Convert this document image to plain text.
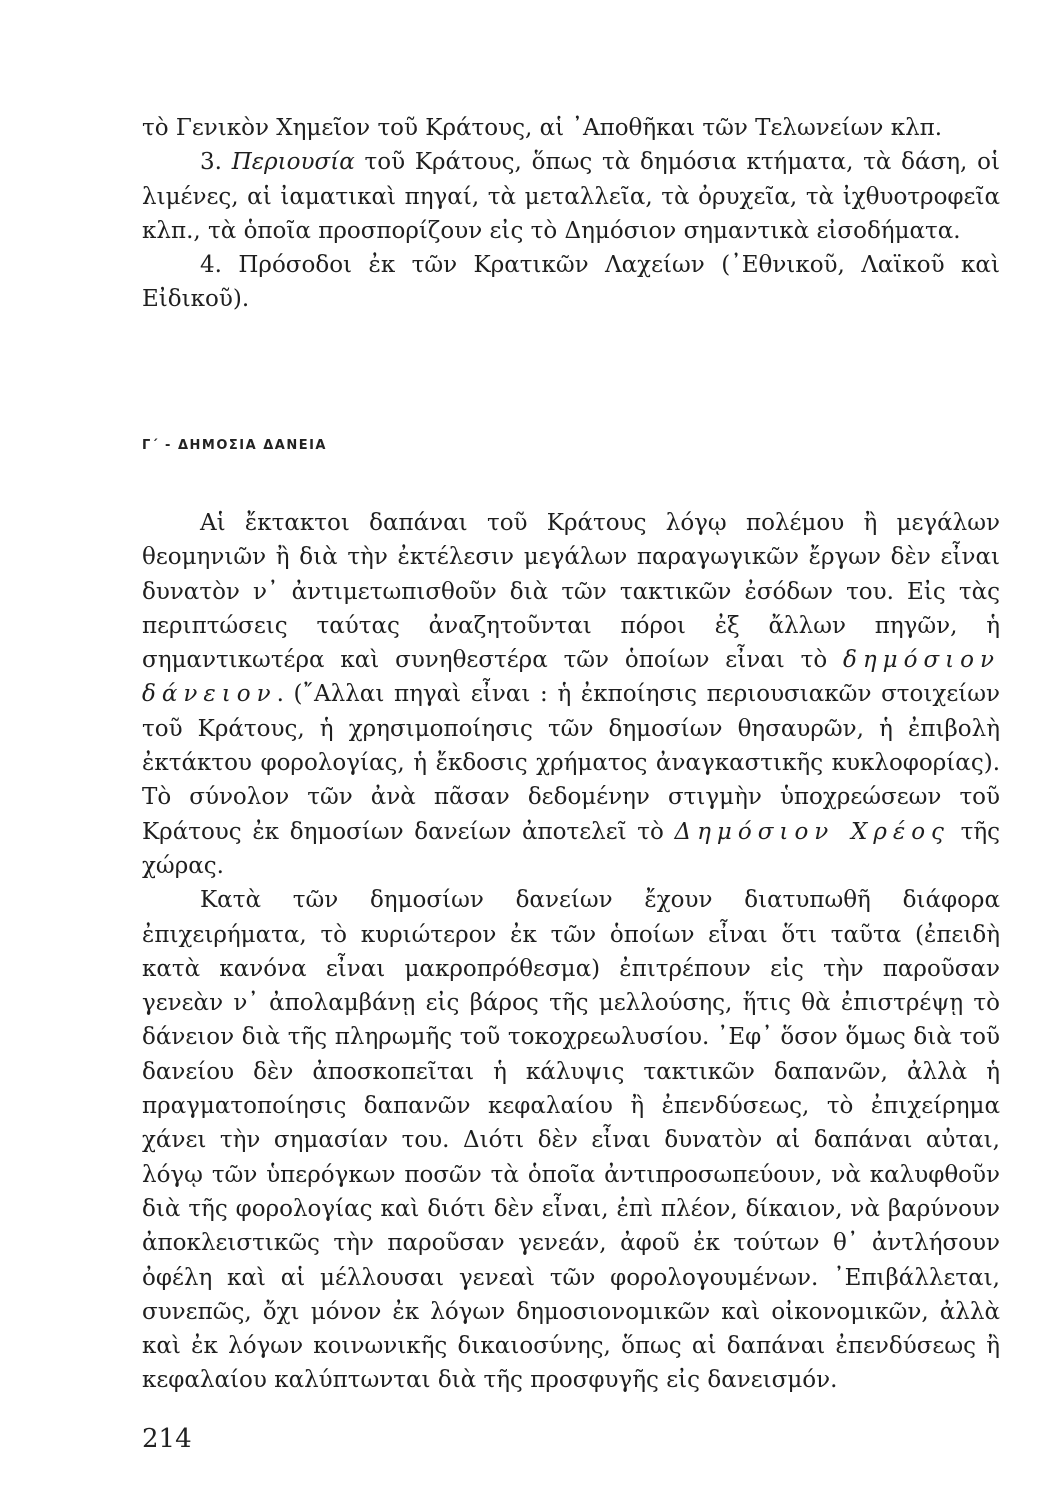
τὸ Γενικὸν Χημεῖον τοῦ Κράτους, αἱ ᾿Αποθῆκαι τῶν Τελωνείων κλπ.

3. Περιουσία τοῦ Κράτους, ὅπως τὰ δημόσια κτήματα, τὰ δάση, οἱ λιμένες, αἱ ἰαματικαὶ πηγαί, τὰ μεταλλεῖα, τὰ ὀρυχεῖα, τὰ ἰχθυοτροφεῖα κλπ., τὰ ὁποῖα προσπορίζουν εἰς τὸ Δημόσιον σημαντικὰ εἰσοδήματα.

4. Πρόσοδοι ἐκ τῶν Κρατικῶν Λαχείων (᾿Εθνικοῦ, Λαϊκοῦ καὶ Εἰδικοῦ).

Γ΄ - ΔΗΜΟΣΙΑ ΔΑΝΕΙΑ

Αἱ ἔκτακτοι δαπάναι τοῦ Κράτους λόγῳ πολέμου ἢ μεγάλων θεομηνιῶν ἢ διὰ τὴν ἐκτέλεσιν μεγάλων παραγωγικῶν ἔργων δὲν εἶναι δυνατὸν ν᾿ ἀντιμετωπισθοῦν διὰ τῶν τακτικῶν ἐσόδων του. Εἰς τὰς περιπτώσεις ταύτας ἀναζητοῦνται πόροι ἐξ ἄλλων πηγῶν, ἡ σημαντικωτέρα καὶ συνηθεστέρα τῶν ὁποίων εἶναι τὸ δημόσιον δάνειον. (῎Αλλαι πηγαὶ εἶναι : ἡ ἐκποίησις περιουσιακῶν στοιχείων τοῦ Κράτους, ἡ χρησιμοποίησις τῶν δημοσίων θησαυρῶν, ἡ ἐπιβολὴ ἐκτάκτου φορολογίας, ἡ ἔκδοσις χρήματος ἀναγκαστικῆς κυκλοφορίας). Τὸ σύνολον τῶν ἀνὰ πᾶσαν δεδομένην στιγμὴν ὑποχρεώσεων τοῦ Κράτους ἐκ δημοσίων δανείων ἀποτελεῖ τὸ Δημόσιον Χρέος τῆς χώρας.

Κατὰ τῶν δημοσίων δανείων ἔχουν διατυπωθῆ διάφορα ἐπιχειρήματα, τὸ κυριώτερον ἐκ τῶν ὁποίων εἶναι ὅτι ταῦτα (ἐπειδὴ κατὰ κανόνα εἶναι μακροπρόθεσμα) ἐπιτρέπουν εἰς τὴν παροῦσαν γενεὰν ν᾿ ἀπολαμβάνῃ εἰς βάρος τῆς μελλούσης, ἥτις θὰ ἐπιστρέψῃ τὸ δάνειον διὰ τῆς πληρωμῆς τοῦ τοκοχρεωλυσίου. ᾿Εφ᾿ ὅσον ὅμως διὰ τοῦ δανείου δὲν ἀποσκοπεῖται ἡ κάλυψις τακτικῶν δαπανῶν, ἀλλὰ ἡ πραγματοποίησις δαπανῶν κεφαλαίου ἢ ἐπενδύσεως, τὸ ἐπιχείρημα χάνει τὴν σημασίαν του. Διότι δὲν εἶναι δυνατὸν αἱ δαπάναι αὐται, λόγῳ τῶν ὑπερόγκων ποσῶν τὰ ὁποῖα ἀντιπροσωπεύουν, νὰ καλυφθοῦν διὰ τῆς φορολογίας καὶ διότι δὲν εἶναι, ἐπὶ πλέον, δίκαιον, νὰ βαρύνουν ἀποκλειστικῶς τὴν παροῦσαν γενεάν, ἀφοῦ ἐκ τούτων θ᾿ ἀντλήσουν ὀφέλη καὶ αἱ μέλλουσαι γενεαὶ τῶν φορολογουμένων. ᾿Επιβάλλεται, συνεπῶς, ὄχι μόνον ἐκ λόγων δημοσιονομικῶν καὶ οἰκονομικῶν, ἀλλὰ καὶ ἐκ λόγων κοινωνικῆς δικαιοσύνης, ὅπως αἱ δαπάναι ἐπενδύσεως ἢ κεφαλαίου καλύπτωνται διὰ τῆς προσφυγῆς εἰς δανεισμόν.

214
